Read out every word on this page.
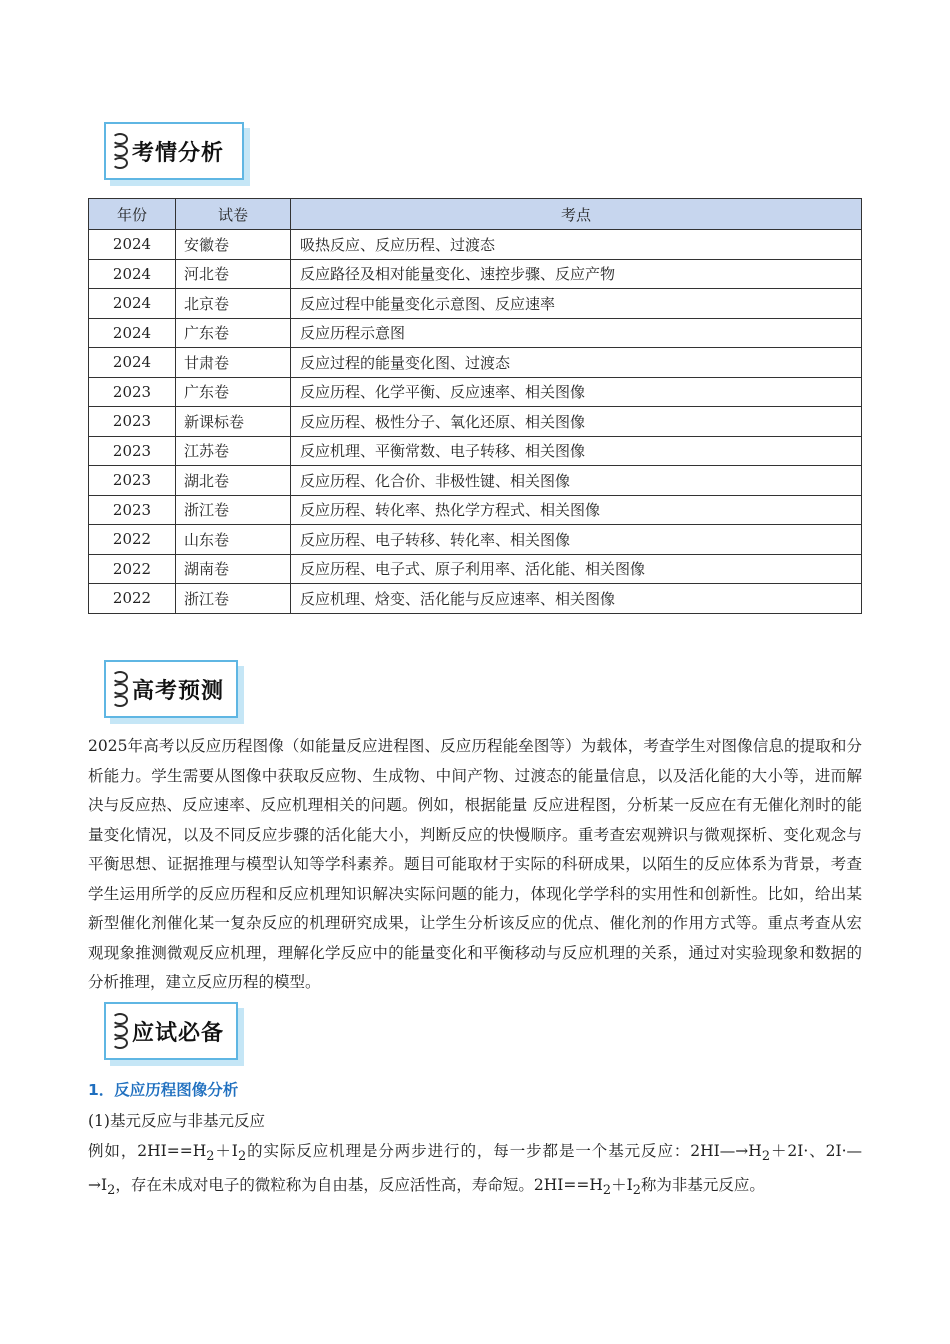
考情分析
年份	试卷	考点
2024	安徽卷	吸热反应、反应历程、过渡态
2024	河北卷	反应路径及相对能量变化、速控步骤、反应产物
2024	北京卷	反应过程中能量变化示意图、反应速率
2024	广东卷	反应历程示意图
2024	甘肃卷	反应过程的能量变化图、过渡态
2023	广东卷	反应历程、化学平衡、反应速率、相关图像
2023	新课标卷	反应历程、极性分子、氧化还原、相关图像
2023	江苏卷	反应机理、平衡常数、电子转移、相关图像
2023	湖北卷	反应历程、化合价、非极性键、相关图像
2023	浙江卷	反应历程、转化率、热化学方程式、相关图像
2022	山东卷	反应历程、电子转移、转化率、相关图像
2022	湖南卷	反应历程、电子式、原子利用率、活化能、相关图像
2022	浙江卷	反应机理、焓变、活化能与反应速率、相关图像
高考预测
2025年高考以反应历程图像（如能量反应进程图、反应历程能垒图等）为载体，考查学生对图像信息的提取和分析能力。学生需要从图像中获取反应物、生成物、中间产物、过渡态的能量信息，以及活化能的大小等，进而解决与反应热、反应速率、反应机理相关的问题。例如，根据能量 反应进程图，分析某一反应在有无催化剂时的能量变化情况，以及不同反应步骤的活化能大小，判断反应的快慢顺序。重考查宏观辨识与微观探析、变化观念与平衡思想、证据推理与模型认知等学科素养。题目可能取材于实际的科研成果，以陌生的反应体系为背景，考查学生运用所学的反应历程和反应机理知识解决实际问题的能力，体现化学学科的实用性和创新性。比如，给出某新型催化剂催化某一复杂反应的机理研究成果，让学生分析该反应的优点、催化剂的作用方式等。重点考查从宏观现象推测微观反应机理，理解化学反应中的能量变化和平衡移动与反应机理的关系，通过对实验现象和数据的分析推理，建立反应历程的模型。
应试必备
1．反应历程图像分析
(1)基元反应与非基元反应
例如，$2HI==H_2+I_2$的实际反应机理是分两步进行的，每一步都是一个基元反应：$2HI—\to H_2+2I\cdot$、$2I\cdot—\to I_2$，存在未成对电子的微粒称为自由基，反应活性高，寿命短。$2HI==H_2+I_2$称为非基元反应。
